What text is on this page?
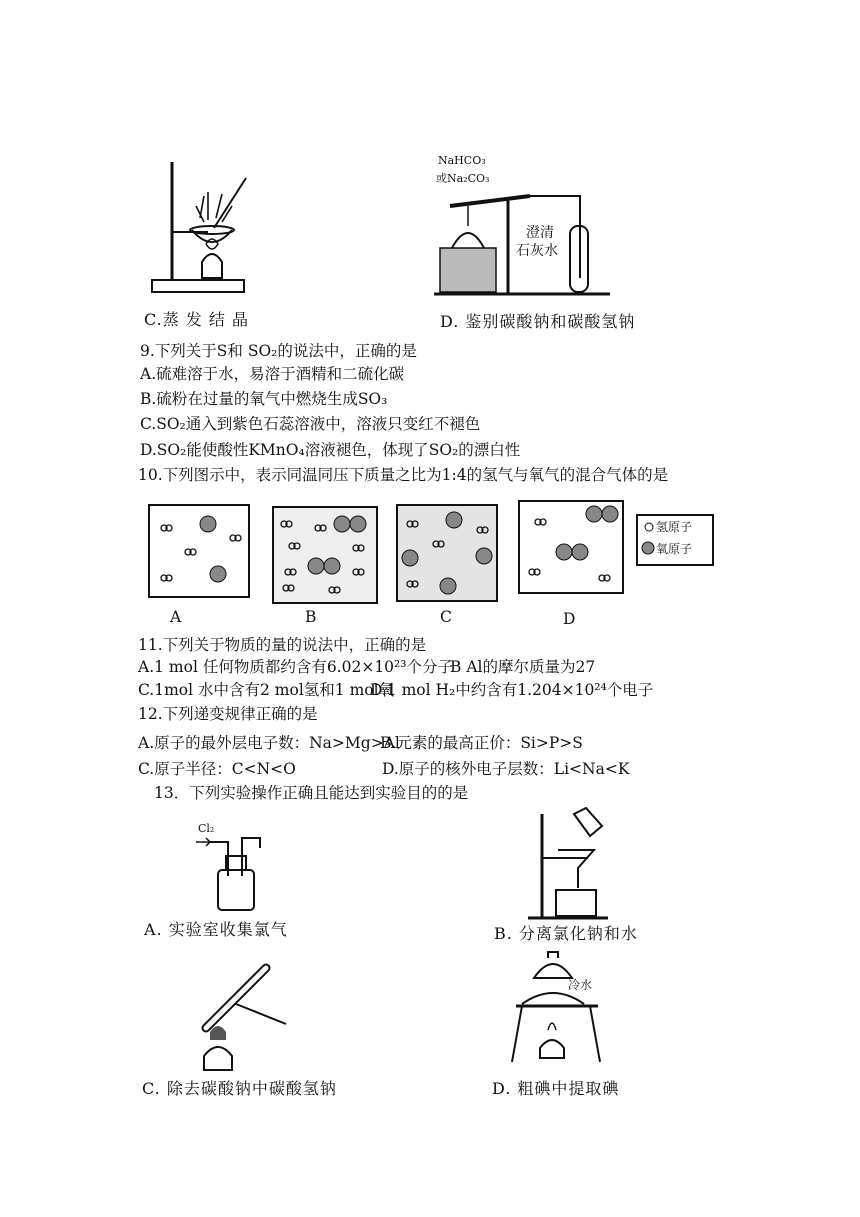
C.蒸 发 结 晶
NaHCO₃
或Na₂CO₃
澄清
石灰水
D. 鉴别碳酸钠和碳酸氢钠
9.下列关于S和 SO₂的说法中，正确的是
A.硫难溶于水，易溶于酒精和二硫化碳
B.硫粉在过量的氧气中燃烧生成SO₃
C.SO₂通入到紫色石蕊溶液中，溶液只变红不褪色
D.SO₂能使酸性KMnO₄溶液褪色，体现了SO₂的漂白性
10.下列图示中，表示同温同压下质量之比为1:4的氢气与氧气的混合气体的是
氢原子
氧原子
A	B	C	D
11.下列关于物质的量的说法中，正确的是
A.1 mol 任何物质都约含有6.02×10²³个分子
B Al的摩尔质量为27
C.1mol 水中含有2 mol氢和1 mol氧
D.1 mol H₂中约含有1.204×10²⁴个电子
12.下列递变规律正确的是
A.原子的最外层电子数：Na>Mg>Al
B.元素的最高正价：Si>P>S
C.原子半径：C<N<O	D.原子的核外电子层数：Li<Na<K
13．下列实验操作正确且能达到实验目的的是
Cl₂
A. 实验室收集氯气	B. 分离氯化钠和水
C. 除去碳酸钠中碳酸氢钠
冷水
D. 粗碘中提取碘
